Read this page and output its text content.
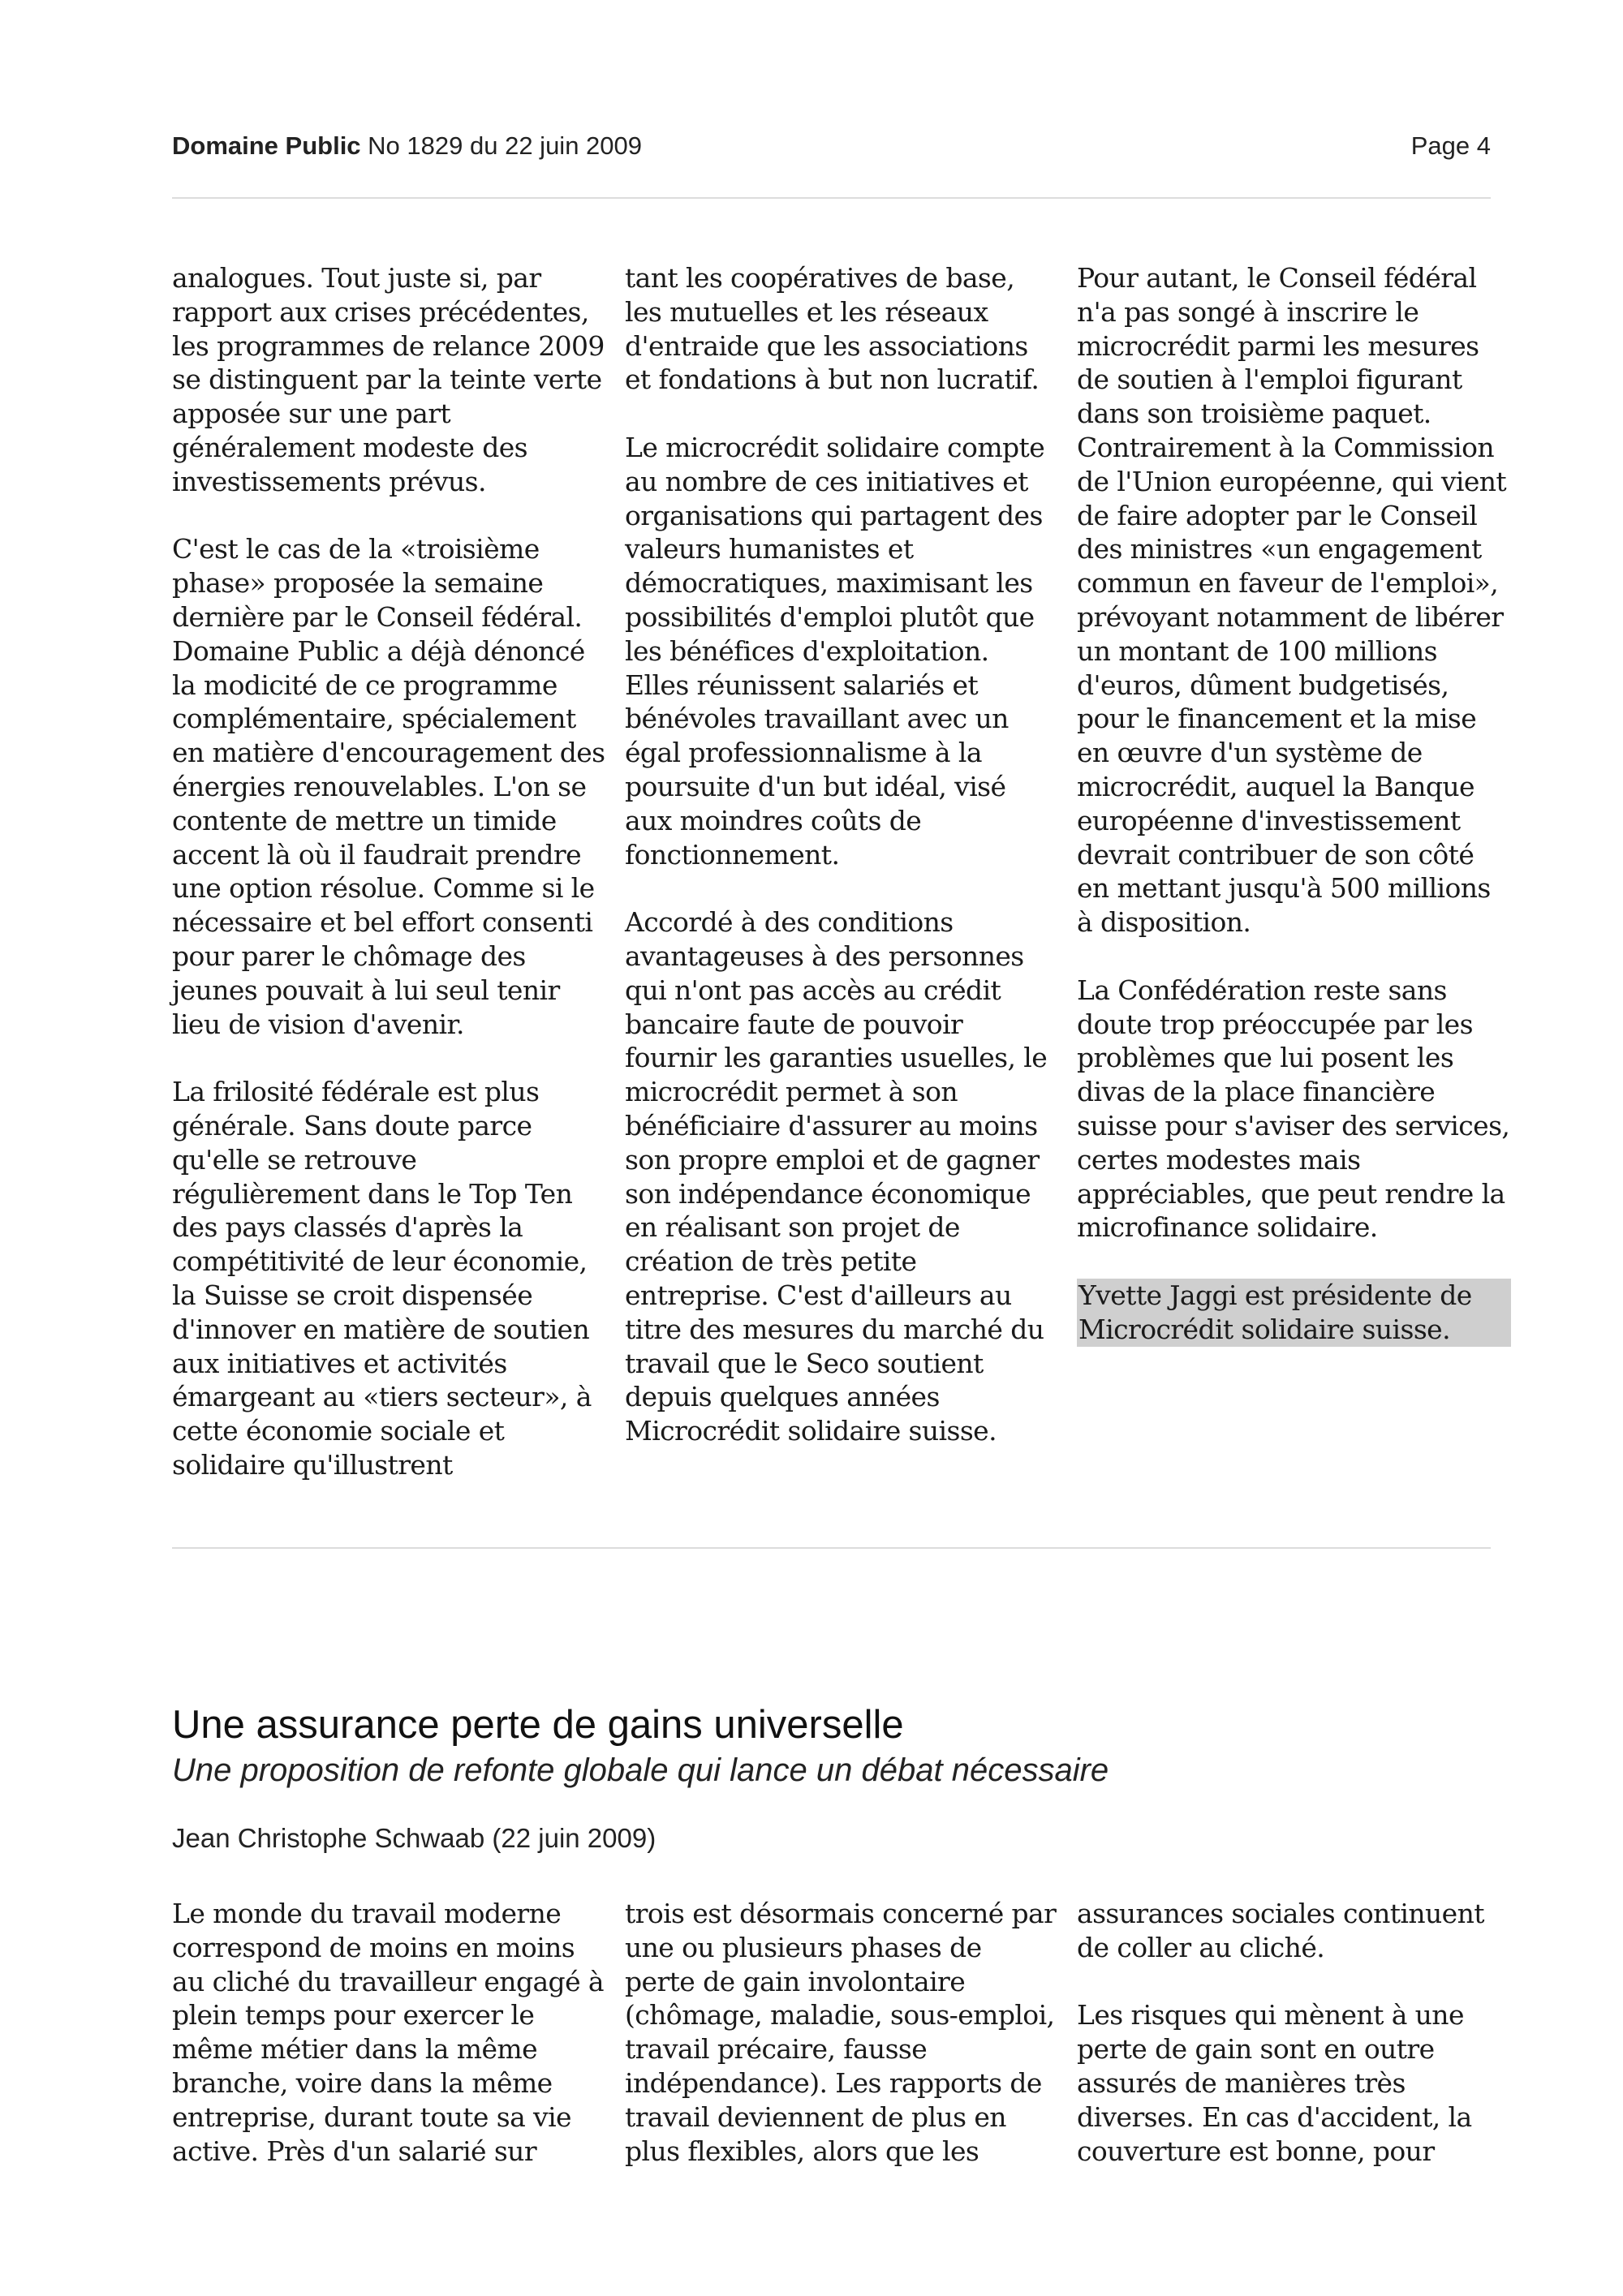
Domaine Public No 1829 du 22 juin 2009	Page 4

analogues. Tout juste si, par rapport aux crises précédentes, les programmes de relance 2009 se distinguent par la teinte verte apposée sur une part généralement modeste des investissements prévus.

C'est le cas de la «troisième phase» proposée la semaine dernière par le Conseil fédéral. Domaine Public a déjà dénoncé la modicité de ce programme complémentaire, spécialement en matière d'encouragement des énergies renouvelables. L'on se contente de mettre un timide accent là où il faudrait prendre une option résolue. Comme si le nécessaire et bel effort consenti pour parer le chômage des jeunes pouvait à lui seul tenir lieu de vision d'avenir.

La frilosité fédérale est plus générale. Sans doute parce qu'elle se retrouve régulièrement dans le Top Ten des pays classés d'après la compétitivité de leur économie, la Suisse se croit dispensée d'innover en matière de soutien aux initiatives et activités émargeant au «tiers secteur», à cette économie sociale et solidaire qu'illustrent

tant les coopératives de base, les mutuelles et les réseaux d'entraide que les associations et fondations à but non lucratif.

Le microcrédit solidaire compte au nombre de ces initiatives et organisations qui partagent des valeurs humanistes et démocratiques, maximisant les possibilités d'emploi plutôt que les bénéfices d'exploitation. Elles réunissent salariés et bénévoles travaillant avec un égal professionnalisme à la poursuite d'un but idéal, visé aux moindres coûts de fonctionnement.

Accordé à des conditions avantageuses à des personnes qui n'ont pas accès au crédit bancaire faute de pouvoir fournir les garanties usuelles, le microcrédit permet à son bénéficiaire d'assurer au moins son propre emploi et de gagner son indépendance économique en réalisant son projet de création de très petite entreprise. C'est d'ailleurs au titre des mesures du marché du travail que le Seco soutient depuis quelques années Microcrédit solidaire suisse.

Pour autant, le Conseil fédéral n'a pas songé à inscrire le microcrédit parmi les mesures de soutien à l'emploi figurant dans son troisième paquet. Contrairement à la Commission de l'Union européenne, qui vient de faire adopter par le Conseil des ministres «un engagement commun en faveur de l'emploi», prévoyant notamment de libérer un montant de 100 millions d'euros, dûment budgetisés, pour le financement et la mise en œuvre d'un système de microcrédit, auquel la Banque européenne d'investissement devrait contribuer de son côté en mettant jusqu'à 500 millions à disposition.

La Confédération reste sans doute trop préoccupée par les problèmes que lui posent les divas de la place financière suisse pour s'aviser des services, certes modestes mais appréciables, que peut rendre la microfinance solidaire.

Yvette Jaggi est présidente de Microcrédit solidaire suisse.

Une assurance perte de gains universelle

Une proposition de refonte globale qui lance un débat nécessaire

Jean Christophe Schwaab (22 juin 2009)

Le monde du travail moderne correspond de moins en moins au cliché du travailleur engagé à plein temps pour exercer le même métier dans la même branche, voire dans la même entreprise, durant toute sa vie active. Près d'un salarié sur

trois est désormais concerné par une ou plusieurs phases de perte de gain involontaire (chômage, maladie, sous-emploi, travail précaire, fausse indépendance). Les rapports de travail deviennent de plus en plus flexibles, alors que les

assurances sociales continuent de coller au cliché.

Les risques qui mènent à une perte de gain sont en outre assurés de manières très diverses. En cas d'accident, la couverture est bonne, pour
